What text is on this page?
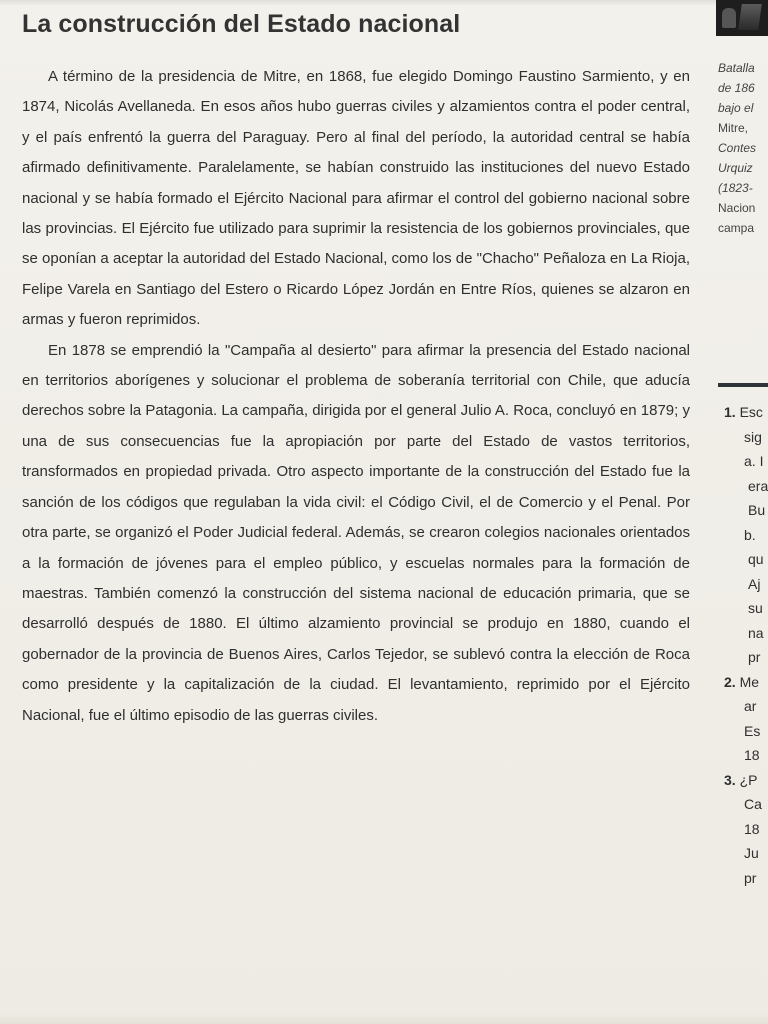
La construcción del Estado nacional

A término de la presidencia de Mitre, en 1868, fue elegido Domingo Faustino Sarmiento, y en 1874, Nicolás Avellaneda. En esos años hubo guerras civiles y alzamientos contra el poder central, y el país enfrentó la guerra del Paraguay. Pero al final del período, la autoridad central se había afirmado definitivamente. Paralelamente, se habían construido las instituciones del nuevo Estado nacional y se había formado el Ejército Nacional para afirmar el control del gobierno nacional sobre las provincias. El Ejército fue utilizado para suprimir la resistencia de los gobiernos provinciales, que se oponían a aceptar la autoridad del Estado Nacional, como los de "Chacho" Peñaloza en La Rioja, Felipe Varela en Santiago del Estero o Ricardo López Jordán en Entre Ríos, quienes se alzaron en armas y fueron reprimidos.

En 1878 se emprendió la "Campaña al desierto" para afirmar la presencia del Estado nacional en territorios aborígenes y solucionar el problema de soberanía territorial con Chile, que aducía derechos sobre la Patagonia. La campaña, dirigida por el general Julio A. Roca, concluyó en 1879; y una de sus consecuencias fue la apropiación por parte del Estado de vastos territorios, transformados en propiedad privada. Otro aspecto importante de la construcción del Estado fue la sanción de los códigos que regulaban la vida civil: el Código Civil, el de Comercio y el Penal. Por otra parte, se organizó el Poder Judicial federal. Además, se crearon colegios nacionales orientados a la formación de jóvenes para el empleo público, y escuelas normales para la formación de maestras. También comenzó la construcción del sistema nacional de educación primaria, que se desarrolló después de 1880. El último alzamiento provincial se produjo en 1880, cuando el gobernador de la provincia de Buenos Aires, Carlos Tejedor, se sublevó contra la elección de Roca como presidente y la capitalización de la ciudad. El levantamiento, reprimido por el Ejército Nacional, fue el último episodio de las guerras civiles.

Batalla
de 186
bajo el
Mitre,
Contes
Urquiz
(1823-
Nacion
campa
1. Esc
sig
a. I
era
Bu
b.
qu
Aj
su
na
pr
2. Me
ar
Es
18
3. ¿P
Ca
18
Ju
pr
